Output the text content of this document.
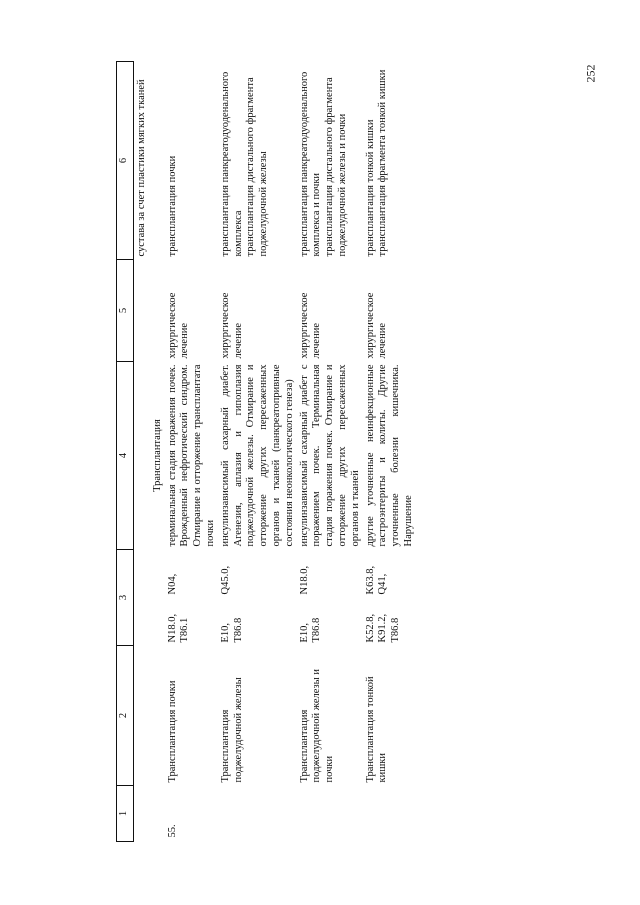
252
1	2	3		4	5	6
						сустава за счет пластики мягких тканей
				Трансплантация		
55.	Трансплантация почки	N18.0, T86.1	N04,	терминальная стадия поражения почек. Врожденный нефротический синдром. Отмирание и отторжение трансплантата почки	хирургическое лечение	трансплантация почки
	Трансплантация поджелудочной железы	E10, T86.8	Q45.0,	инсулинзависимый сахарный диабет. Агенезия, аплазия и гипоплазия поджелудочной железы. Отмирание и отторжение других пересаженных органов и тканей (панкреатопривные состояния неонкологического генеза)	хирургическое лечение	трансплантация панкреатодуоденального комплекса
трансплантация дистального фрагмента поджелудочной железы
	Трансплантация поджелудочной железы и почки	E10, T86.8	N18.0,	инсулинзависимый сахарный диабет с поражением почек. Терминальная стадия поражения почек. Отмирание и отторжение других пересаженных органов и тканей	хирургическое лечение	трансплантация панкреатодуоденального комплекса и почки
трансплантация дистального фрагмента поджелудочной железы и почки
	Трансплантация тонкой кишки	K52.8, K91.2, T86.8	K63.8, Q41,	другие уточненные неинфекционные гастроэнтериты и колиты. Другие уточненные болезни кишечника. Нарушение	хирургическое лечение	трансплантация тонкой кишки
трансплантация фрагмента тонкой кишки
